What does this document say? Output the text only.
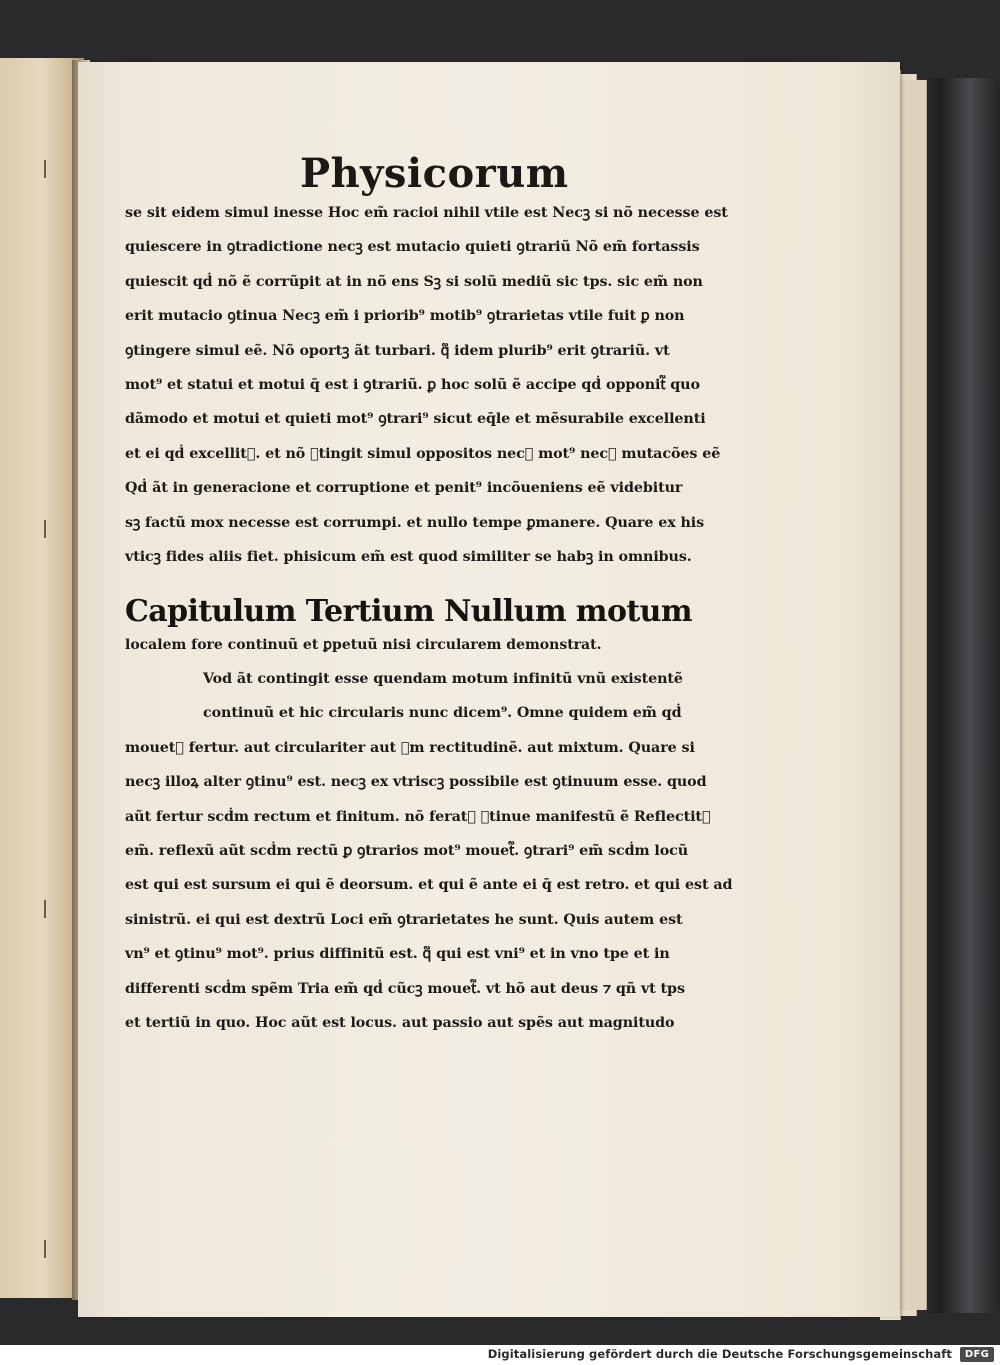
Physicorum
se sit eidem simul inesse Hoc em̃ racioi nihil vtile est Necꝫ si nõ necesse est
quiescere in ꝯtradictione necꝫ est mutacio quieti ꝯtrariũ Nõ em̃ fortassis
quiescit qḋ nõ ẽ corrũpit at in nõ ens Sꝫ si solũ mediũ sic tps. sic em̃ non
erit mutacio ꝯtinua Necꝫ em̃ i priorib⁹ motib⁹ ꝯtrarietas vtile fuit ꝑ non
ꝯtingere simul eẽ. Nõ oportꝫ ãt turbari. q᷑ idem plurib⁹ erit ꝯtrariũ. vt
mot⁹ et statui et motui q̄ est i ꝯtrariũ. ꝑ hoc solũ ẽ accipe qḋ opponit᷑ quo
dãmodo et motui et quieti mot⁹ ꝯtrari⁹ sicut eq̄le et mẽsurabile excellenti
et ei qḋ excellit᷑. et nõ ꝯtingit simul oppositos necꝫ mot⁹ necꝫ mutacões eẽ
Qḋ ãt in generacione et corruptione et penit⁹ incõueniens eẽ videbitur
sꝫ factũ mox necesse est corrumpi. et nullo tempe ꝑmanere. Quare ex his
vticꝫ fides aliis fiet. phisicum em̃ est quod similiter se habꝫ in omnibus.
Capitulum Tertium Nullum motum
localem fore continuũ et ꝑpetuũ nisi circularem demonstrat.
Vod ãt contingit esse quendam motum infinitũ vnũ existentẽ
continuũ et hic circularis nunc dicem⁹. Omne quidem em̃ qḋ
mouet᷑ fertur. aut circulariter aut ꝯm rectitudinẽ. aut mixtum. Quare si
necꝫ illoꝝ alter ꝯtinu⁹ est. necꝫ ex vtriscꝫ possibile est ꝯtinuum esse. quod
aũt fertur scḋm rectum et finitum. nõ ferat᷑ ꝯtinue manifestũ ẽ Reflectit᷑
em̃. reflexũ aũt scḋm rectũ ꝑ ꝯtrarios mot⁹ mouet᷑. ꝯtrari⁹ em̃ scḋm locũ
est qui est sursum ei qui ẽ deorsum. et qui ẽ ante ei q̄ est retro. et qui est ad
sinistrũ. ei qui est dextrũ Loci em̃ ꝯtrarietates he sunt. Quis autem est
vn⁹ et ꝯtinu⁹ mot⁹. prius diffinitũ est. q᷑ qui est vni⁹ et in vno tpe et in
differenti scḋm spẽm Tria em̃ qḋ cũcꝫ mouet᷑. vt hõ aut deus ⁊ qñ vt tps
et tertiũ in quo. Hoc aũt est locus. aut passio aut spẽs aut magnitudo
Digitalisierung gefördert durch die Deutsche Forschungsgemeinschaft	DFG
